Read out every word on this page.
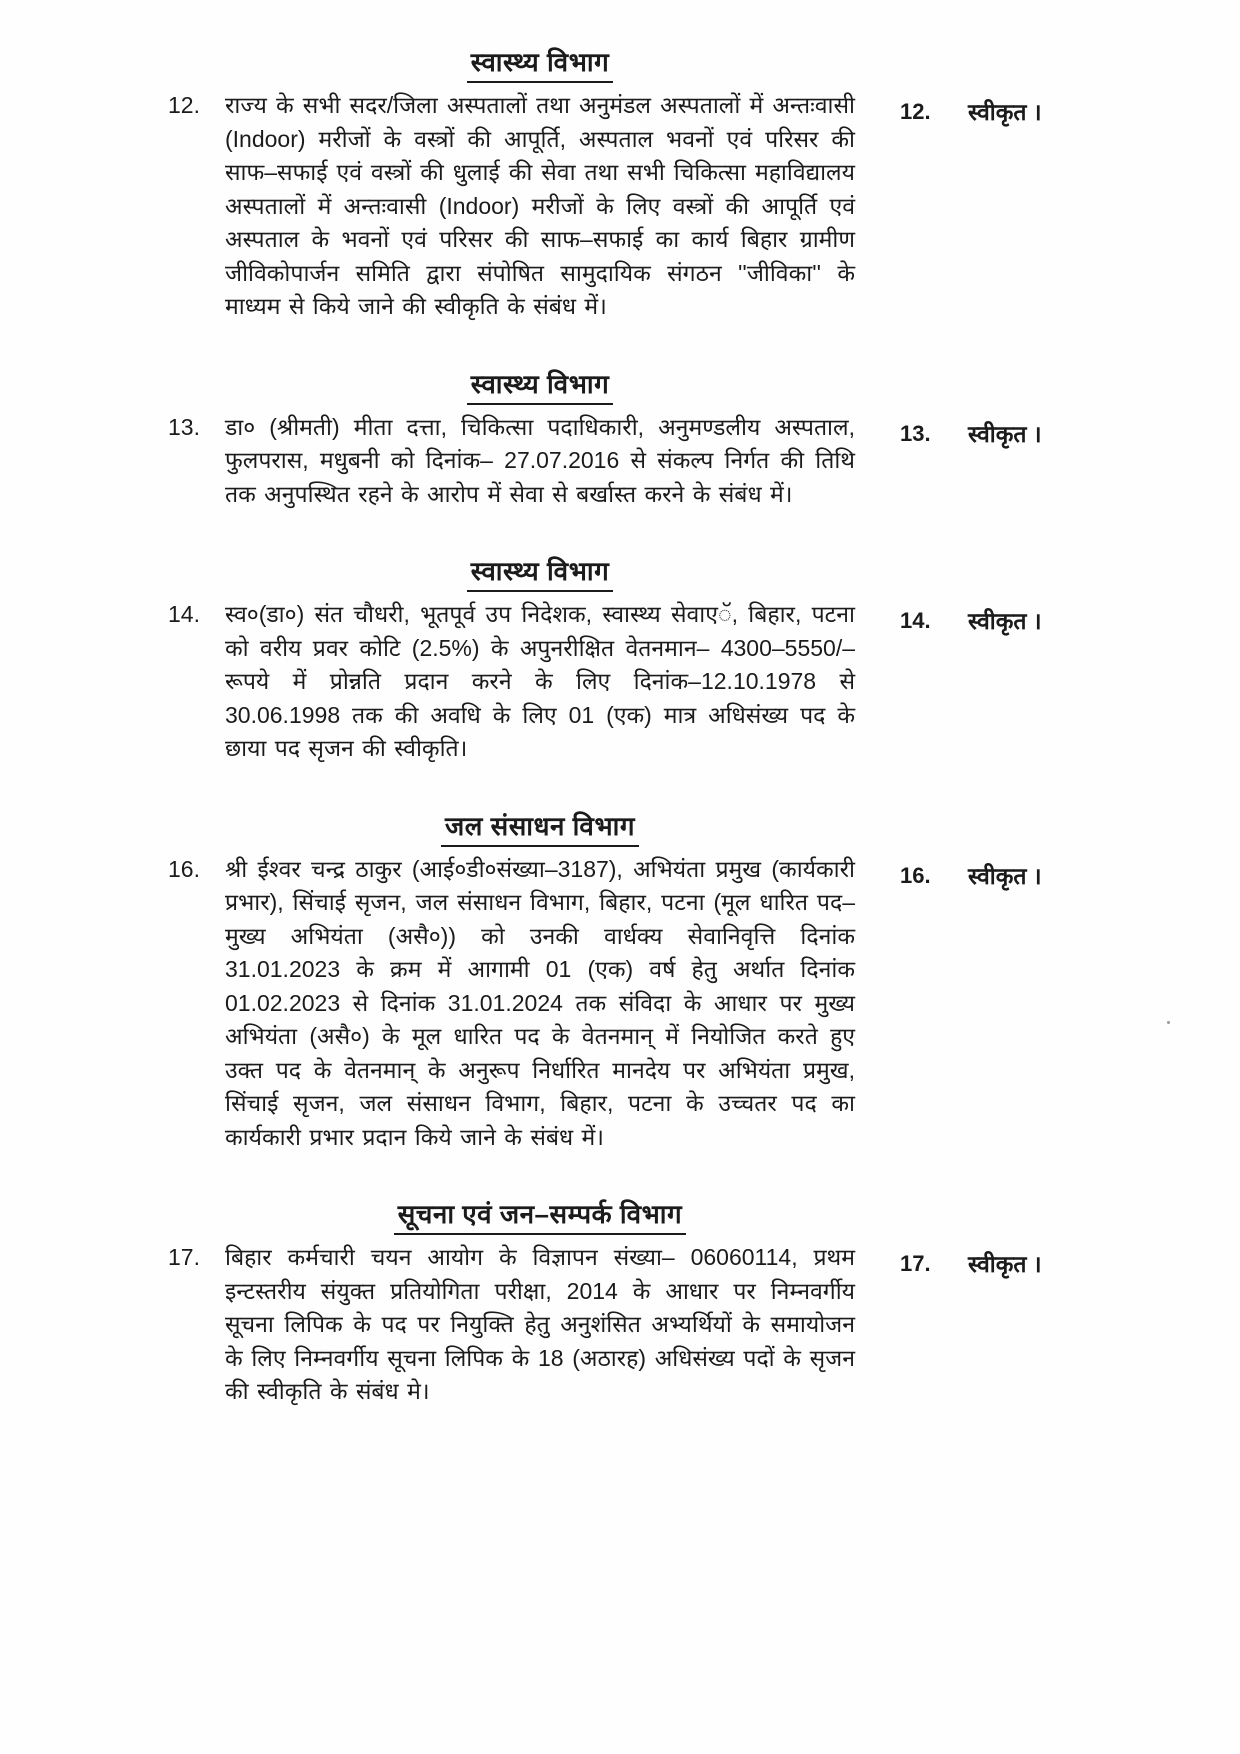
स्वास्थ्य विभाग
12.	राज्य के सभी सदर/जिला अस्पतालों तथा अनुमंडल अस्पतालों में अन्तःवासी (Indoor) मरीजों के वस्त्रों की आपूर्ति, अस्पताल भवनों एवं परिसर की साफ–सफाई एवं वस्त्रों की धुलाई की सेवा तथा सभी चिकित्सा महाविद्यालय अस्पतालों में अन्तःवासी (Indoor) मरीजों के लिए वस्त्रों की आपूर्ति एवं अस्पताल के भवनों एवं परिसर की साफ–सफाई का कार्य बिहार ग्रामीण जीविकोपार्जन समिति द्वारा संपोषित सामुदायिक संगठन ''जीविका'' के माध्यम से किये जाने की स्वीकृति के संबंध में।
12.	स्वीकृत ।
स्वास्थ्य विभाग
13.	डा० (श्रीमती) मीता दत्ता, चिकित्सा पदाधिकारी, अनुमण्डलीय अस्पताल, फुलपरास, मधुबनी को दिनांक– 27.07.2016 से संकल्प निर्गत की तिथि तक अनुपस्थित रहने के आरोप में सेवा से बर्खास्त करने के संबंध में।
13.	स्वीकृत ।
स्वास्थ्य विभाग
14.	स्व०(डा०) संत चौधरी, भूतपूर्व उप निदेशक, स्वास्थ्य सेवाएॅ, बिहार, पटना को वरीय प्रवर कोटि (2.5%) के अपुनरीक्षित वेतनमान– 4300–5550/–रूपये में प्रोन्नति प्रदान करने के लिए दिनांक–12.10.1978 से 30.06.1998 तक की अवधि के लिए 01 (एक) मात्र अधिसंख्य पद के छाया पद सृजन की स्वीकृति।
14.	स्वीकृत ।
जल संसाधन विभाग
16.	श्री ईश्वर चन्द्र ठाकुर (आई०डी०संख्या–3187), अभियंता प्रमुख (कार्यकारी प्रभार), सिंचाई सृजन, जल संसाधन विभाग, बिहार, पटना (मूल धारित पद–मुख्य अभियंता (असै०)) को उनकी वार्धक्य सेवानिवृत्ति दिनांक 31.01.2023 के क्रम में आगामी 01 (एक) वर्ष हेतु अर्थात दिनांक 01.02.2023 से दिनांक 31.01.2024 तक संविदा के आधार पर मुख्य अभियंता (असै०) के मूल धारित पद के वेतनमान् में नियोजित करते हुए उक्त पद के वेतनमान् के अनुरूप निर्धारित मानदेय पर अभियंता प्रमुख, सिंचाई सृजन, जल संसाधन विभाग, बिहार, पटना के उच्चतर पद का कार्यकारी प्रभार प्रदान किये जाने के संबंध में।
16.	स्वीकृत ।
सूचना एवं जन–सम्पर्क विभाग
17.	बिहार कर्मचारी चयन आयोग के विज्ञापन संख्या– 06060114, प्रथम इन्टस्तरीय संयुक्त प्रतियोगिता परीक्षा, 2014 के आधार पर निम्नवर्गीय सूचना लिपिक के पद पर नियुक्ति हेतु अनुशंसित अभ्यर्थियों के समायोजन के लिए निम्नवर्गीय सूचना लिपिक के 18 (अठारह) अधिसंख्य पदों के सृजन की स्वीकृति के संबंध मे।
17.	स्वीकृत ।
